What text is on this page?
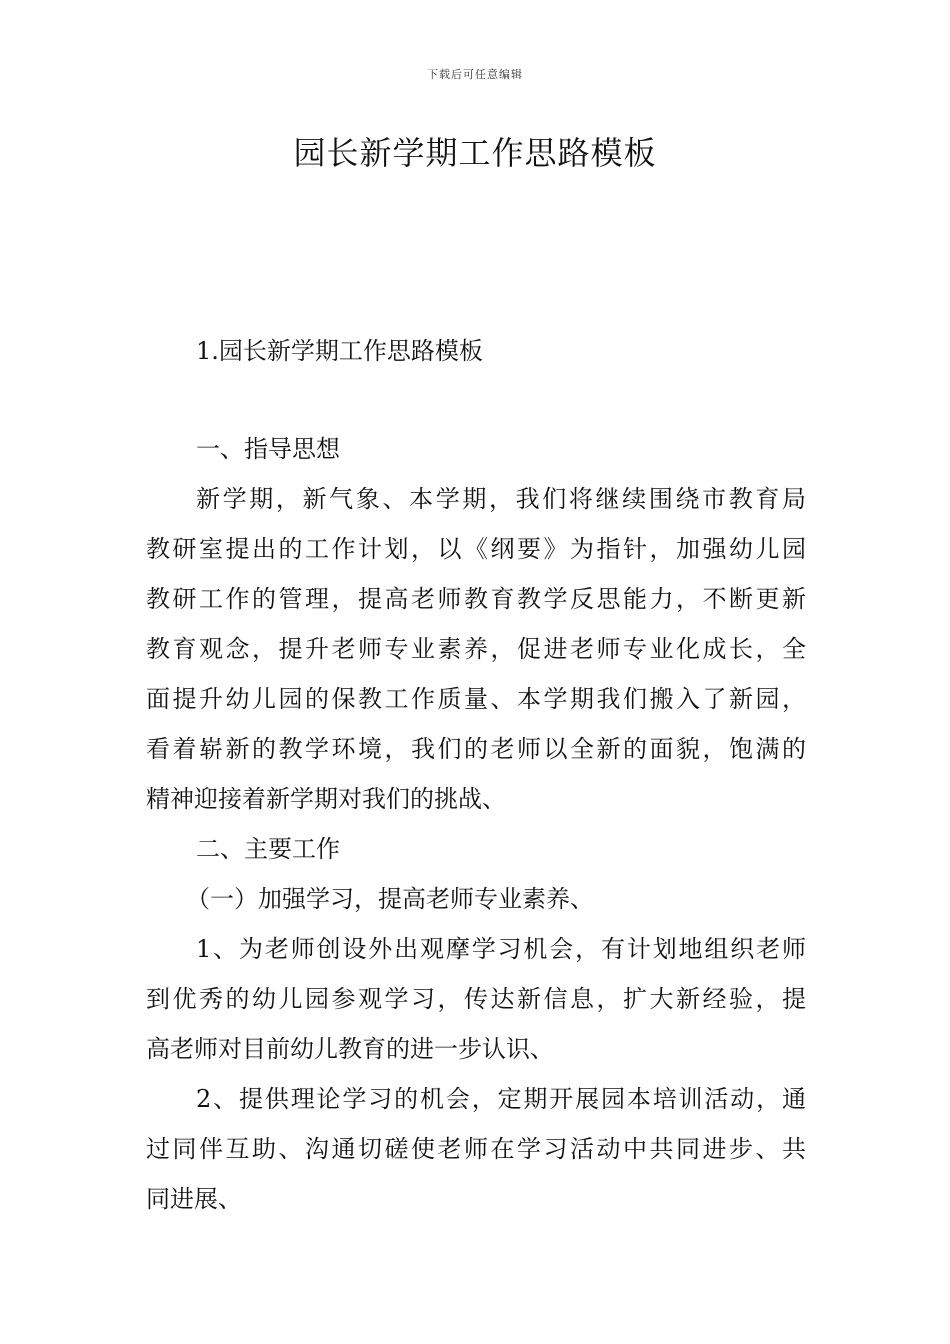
下载后可任意编辑
园长新学期工作思路模板
1.园长新学期工作思路模板
一、指导思想
新学期，新气象、本学期，我们将继续围绕市教育局
教研室提出的工作计划，以《纲要》为指针，加强幼儿园
教研工作的管理，提高老师教育教学反思能力，不断更新
教育观念，提升老师专业素养，促进老师专业化成长，全
面提升幼儿园的保教工作质量、本学期我们搬入了新园，
看着崭新的教学环境，我们的老师以全新的面貌，饱满的
精神迎接着新学期对我们的挑战、
二、主要工作
（一）加强学习，提高老师专业素养、
1、为老师创设外出观摩学习机会，有计划地组织老师
到优秀的幼儿园参观学习，传达新信息，扩大新经验，提
高老师对目前幼儿教育的进一步认识、
2、提供理论学习的机会，定期开展园本培训活动，通
过同伴互助、沟通切磋使老师在学习活动中共同进步、共
同进展、
